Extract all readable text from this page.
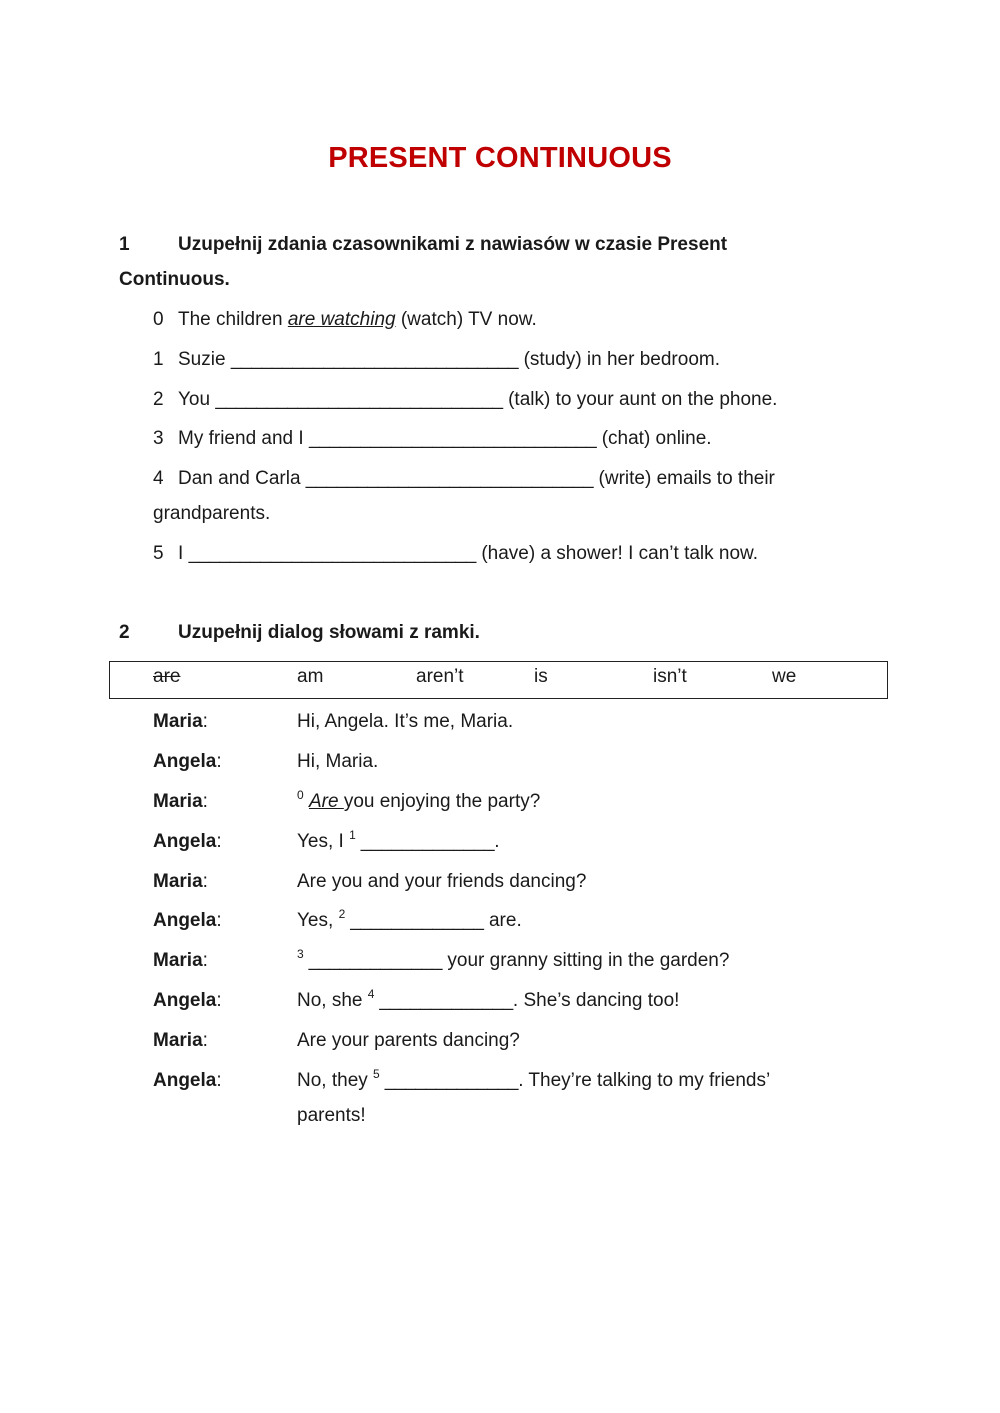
PRESENT CONTINUOUS
1	Uzupełnij zdania czasownikami z nawiasów w czasie Present
Continuous.
0 The children are watching (watch) TV now.
1 Suzie ____________________________ (study) in her bedroom.
2 You ____________________________ (talk) to your aunt on the phone.
3 My friend and I ____________________________ (chat) online.
4 Dan and Carla ____________________________ (write) emails to their
grandparents.
5 I ____________________________ (have) a shower! I can’t talk now.
2	Uzupełnij dialog słowami z ramki.
are	am	aren’t	is	isn’t	we
Maria:	Hi, Angela. It’s me, Maria.
Angela:	Hi, Maria.
Maria:	$^0$ Are you enjoying the party?
Angela:	Yes, I $^1$ _____________.
Maria:	Are you and your friends dancing?
Angela:	Yes, $^2$ _____________ are.
Maria:	$^3$ _____________ your granny sitting in the garden?
Angela:	No, she $^4$ _____________. She’s dancing too!
Maria:	Are your parents dancing?
Angela:	No, they $^5$ _____________. They’re talking to my friends’
parents!
